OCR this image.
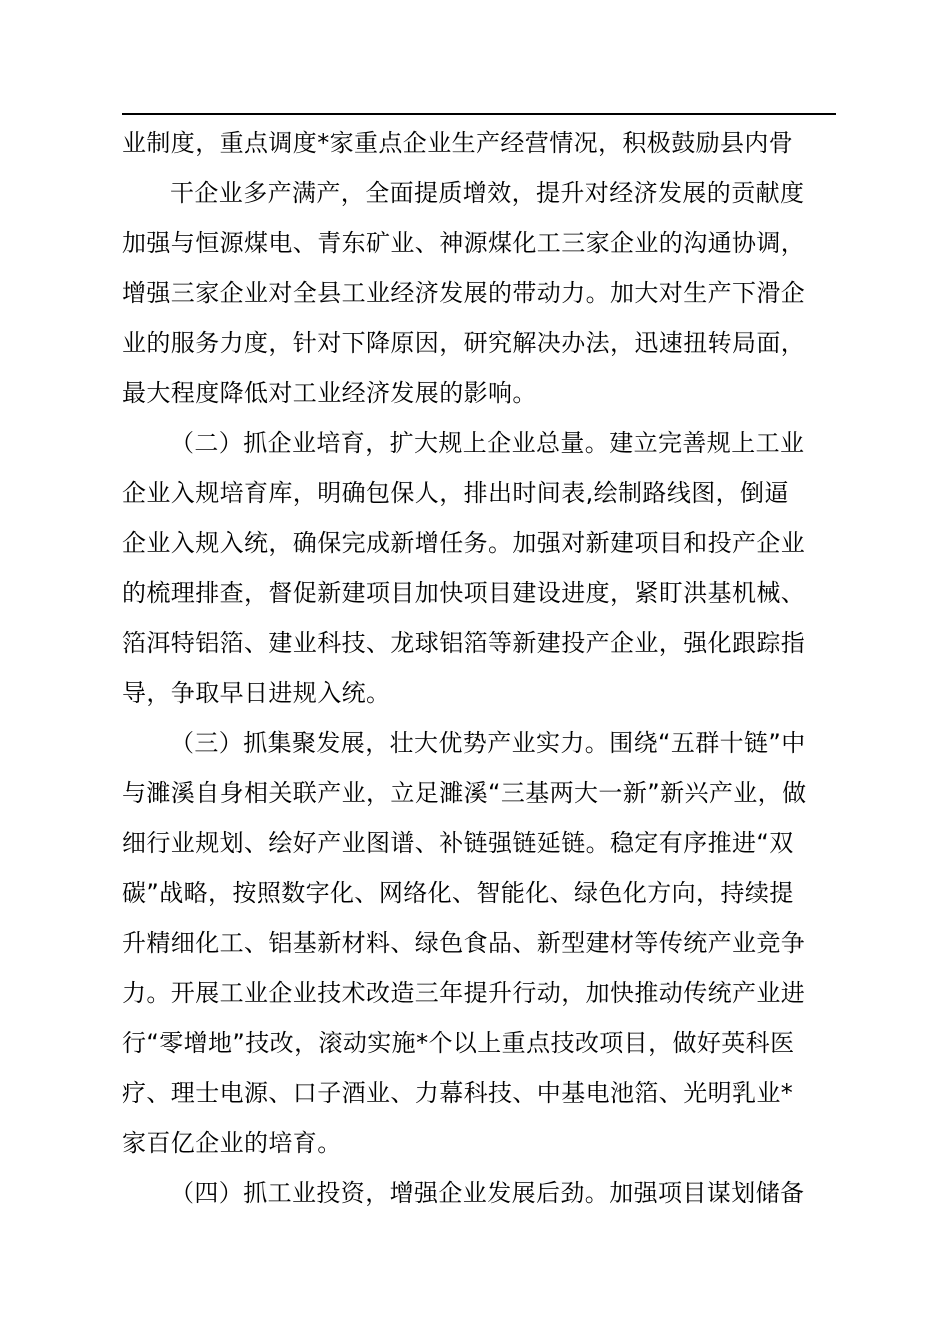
业制度，重点调度*家重点企业生产经营情况，积极鼓励县内骨
干企业多产满产，全面提质增效，提升对经济发展的贡献度
加强与恒源煤电、青东矿业、神源煤化工三家企业的沟通协调，
增强三家企业对全县工业经济发展的带动力。加大对生产下滑企
业的服务力度，针对下降原因，研究解决办法，迅速扭转局面，
最大程度降低对工业经济发展的影响。
（二）抓企业培育，扩大规上企业总量。建立完善规上工业
企业入规培育库，明确包保人，排出时间表,绘制路线图，倒逼
企业入规入统，确保完成新增任务。加强对新建项目和投产企业
的梳理排查，督促新建项目加快项目建设进度，紧盯洪基机械、
箔洱特铝箔、建业科技、龙球铝箔等新建投产企业，强化跟踪指
导，争取早日进规入统。
（三）抓集聚发展，壮大优势产业实力。围绕“五群十链”中
与濉溪自身相关联产业，立足濉溪“三基两大一新”新兴产业，做
细行业规划、绘好产业图谱、补链强链延链。稳定有序推进“双
碳”战略，按照数字化、网络化、智能化、绿色化方向，持续提
升精细化工、铝基新材料、绿色食品、新型建材等传统产业竞争
力。开展工业企业技术改造三年提升行动，加快推动传统产业进
行“零增地”技改，滚动实施*个以上重点技改项目，做好英科医
疗、理士电源、口子酒业、力幕科技、中基电池箔、光明乳业*
家百亿企业的培育。
（四）抓工业投资，增强企业发展后劲。加强项目谋划储备
